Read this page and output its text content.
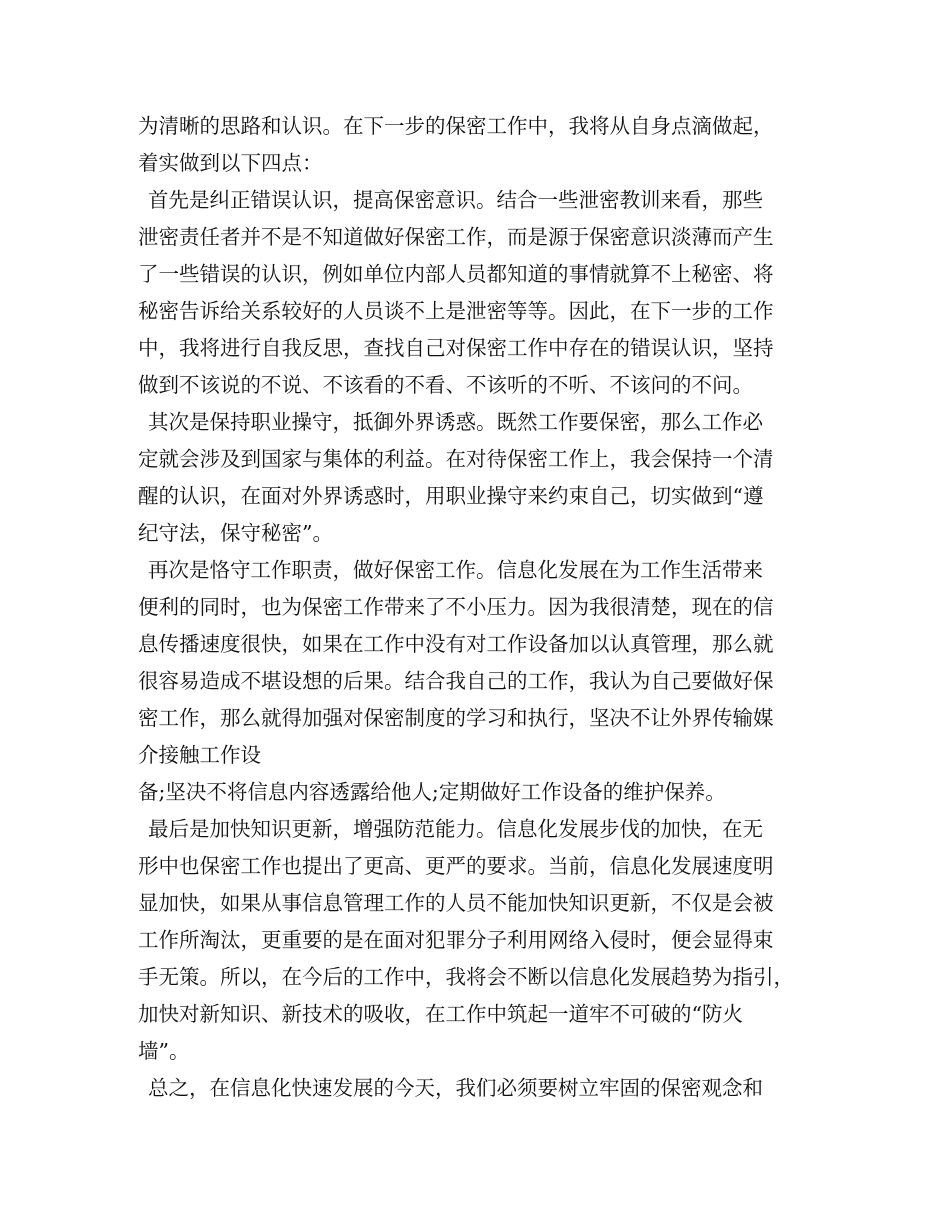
为清晰的思路和认识。在下一步的保密工作中，我将从自身点滴做起，
着实做到以下四点：
首先是纠正错误认识，提高保密意识。结合一些泄密教训来看，那些
泄密责任者并不是不知道做好保密工作，而是源于保密意识淡薄而产生
了一些错误的认识，例如单位内部人员都知道的事情就算不上秘密、将
秘密告诉给关系较好的人员谈不上是泄密等等。因此，在下一步的工作
中，我将进行自我反思，查找自己对保密工作中存在的错误认识，坚持
做到不该说的不说、不该看的不看、不该听的不听、不该问的不问。
其次是保持职业操守，抵御外界诱惑。既然工作要保密，那么工作必
定就会涉及到国家与集体的利益。在对待保密工作上，我会保持一个清
醒的认识，在面对外界诱惑时，用职业操守来约束自己，切实做到“遵
纪守法，保守秘密”。
再次是恪守工作职责，做好保密工作。信息化发展在为工作生活带来
便利的同时，也为保密工作带来了不小压力。因为我很清楚，现在的信
息传播速度很快，如果在工作中没有对工作设备加以认真管理，那么就
很容易造成不堪设想的后果。结合我自己的工作，我认为自己要做好保
密工作，那么就得加强对保密制度的学习和执行，坚决不让外界传输媒
介接触工作设
备;坚决不将信息内容透露给他人;定期做好工作设备的维护保养。
最后是加快知识更新，增强防范能力。信息化发展步伐的加快，在无
形中也保密工作也提出了更高、更严的要求。当前，信息化发展速度明
显加快，如果从事信息管理工作的人员不能加快知识更新，不仅是会被
工作所淘汰，更重要的是在面对犯罪分子利用网络入侵时，便会显得束
手无策。所以，在今后的工作中，我将会不断以信息化发展趋势为指引，
加快对新知识、新技术的吸收，在工作中筑起一道牢不可破的“防火
墙”。
总之，在信息化快速发展的今天，我们必须要树立牢固的保密观念和
